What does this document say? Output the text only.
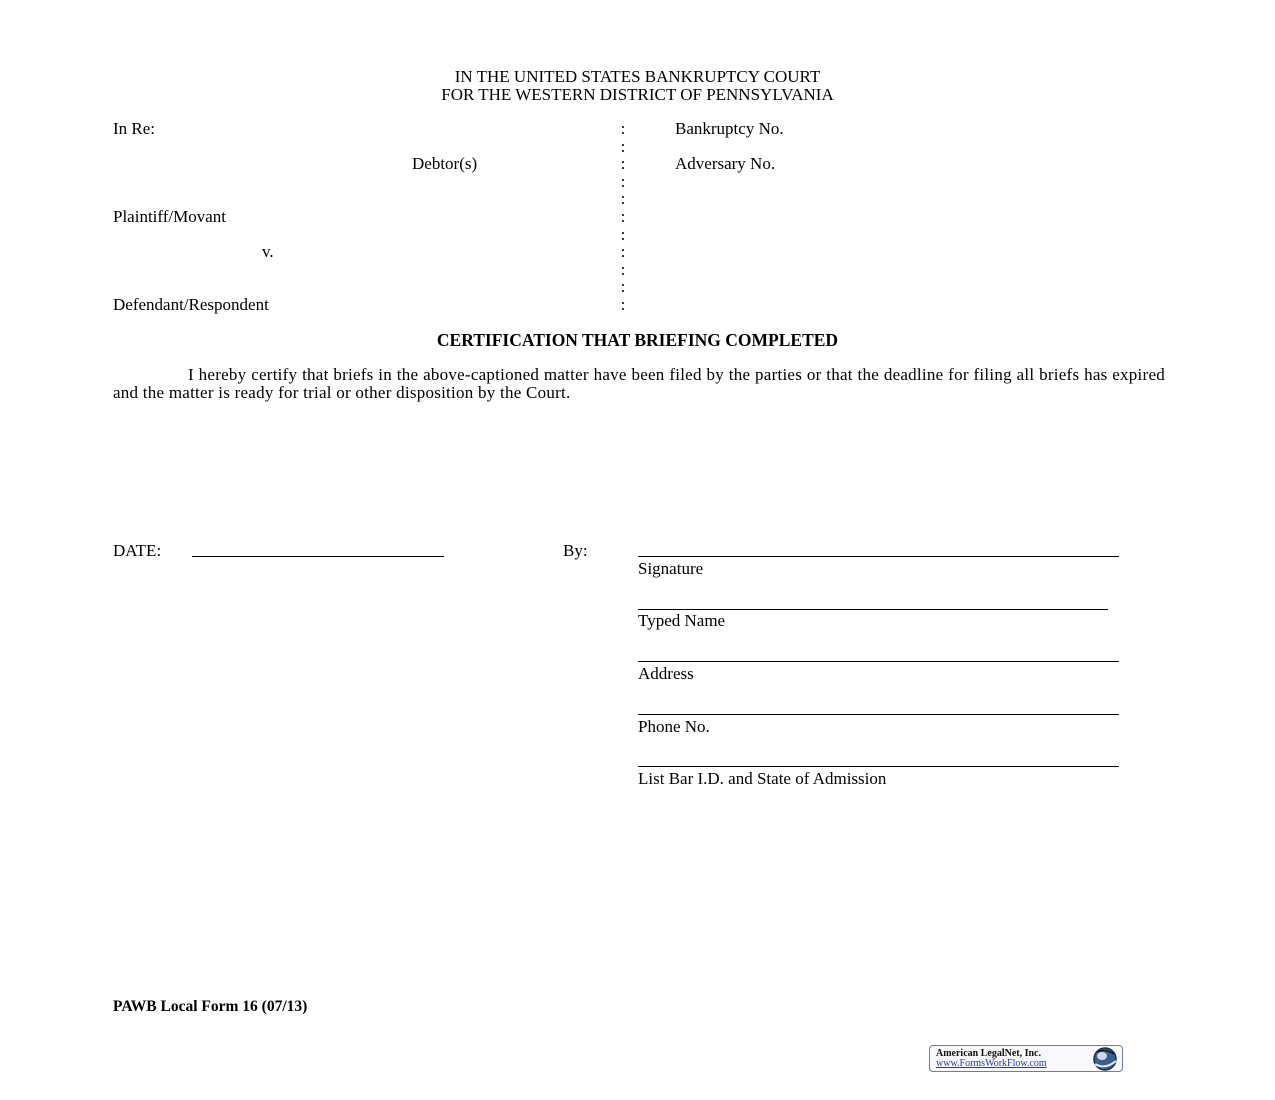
IN THE UNITED STATES BANKRUPTCY COURT
FOR THE WESTERN DISTRICT OF PENNSYLVANIA
In Re:
Debtor(s)
Plaintiff/Movant
v.
Defendant/Respondent
Bankruptcy No.
Adversary No.
:
:
:
:
:
:
:
:
:
:
:
CERTIFICATION THAT BRIEFING COMPLETED
I hereby certify that briefs in the above-captioned matter have been filed by the parties or that the deadline for filing all briefs has expired and the matter is ready for trial or other disposition by the Court.
DATE:	By:
Signature
Typed Name
Address
Phone No.
List Bar I.D. and State of Admission
PAWB Local Form 16 (07/13)
American LegalNet, Inc.
www.FormsWorkFlow.com
